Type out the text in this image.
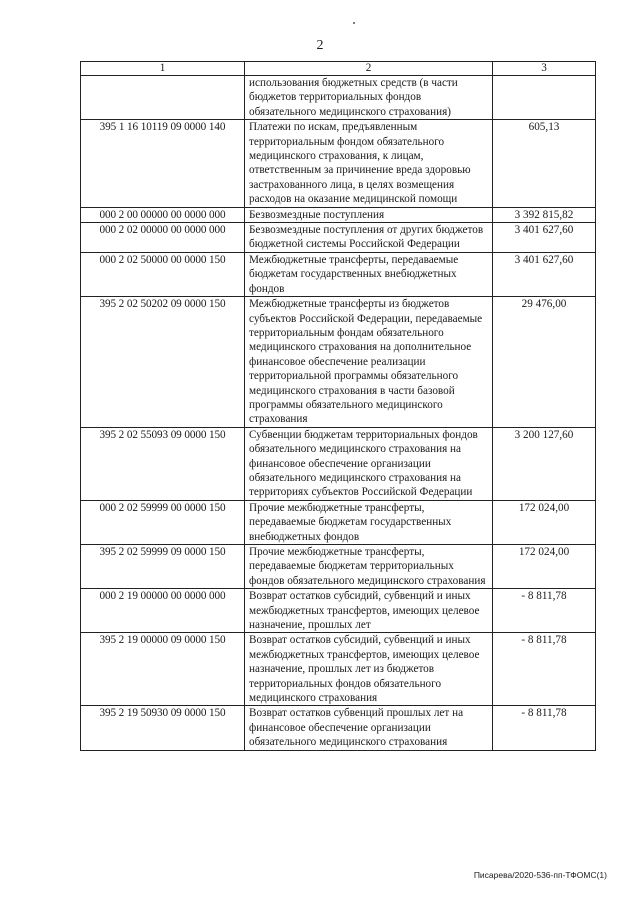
2
1	2	3
	использования бюджетных средств (в части бюджетов территориальных фондов обязательного медицинского страхования)	
395 1 16 10119 09 0000 140	Платежи по искам, предъявленным территориальным фондом обязательного медицинского страхования, к лицам, ответственным за причинение вреда здоровью застрахованного лица, в целях возмещения расходов на оказание медицинской помощи	605,13
000 2 00 00000 00 0000 000	Безвозмездные поступления	3 392 815,82
000 2 02 00000 00 0000 000	Безвозмездные поступления от других бюджетов бюджетной системы Российской Федерации	3 401 627,60
000 2 02 50000 00 0000 150	Межбюджетные трансферты, передаваемые бюджетам государственных внебюджетных фондов	3 401 627,60
395 2 02 50202 09 0000 150	Межбюджетные трансферты из бюджетов субъектов Российской Федерации, передаваемые территориальным фондам обязательного медицинского страхования на дополнительное финансовое обеспечение реализации территориальной программы обязательного медицинского страхования в части базовой программы обязательного медицинского страхования	29 476,00
395 2 02 55093 09 0000 150	Субвенции бюджетам территориальных фондов обязательного медицинского страхования на финансовое обеспечение организации обязательного медицинского страхования на территориях субъектов Российской Федерации	3 200 127,60
000 2 02 59999 00 0000 150	Прочие межбюджетные трансферты, передаваемые бюджетам государственных внебюджетных фондов	172 024,00
395 2 02 59999 09 0000 150	Прочие межбюджетные трансферты, передаваемые бюджетам территориальных фондов обязательного медицинского страхования	172 024,00
000 2 19 00000 00 0000 000	Возврат остатков субсидий, субвенций и иных межбюджетных трансфертов, имеющих целевое назначение, прошлых лет	- 8 811,78
395 2 19 00000 09 0000 150	Возврат остатков субсидий, субвенций и иных межбюджетных трансфертов, имеющих целевое назначение, прошлых лет из бюджетов территориальных фондов обязательного медицинского страхования	- 8 811,78
395 2 19 50930 09 0000 150	Возврат остатков субвенций прошлых лет на финансовое обеспечение организации обязательного медицинского страхования	- 8 811,78
Писарева/2020-536-пп-ТФОМС(1)
